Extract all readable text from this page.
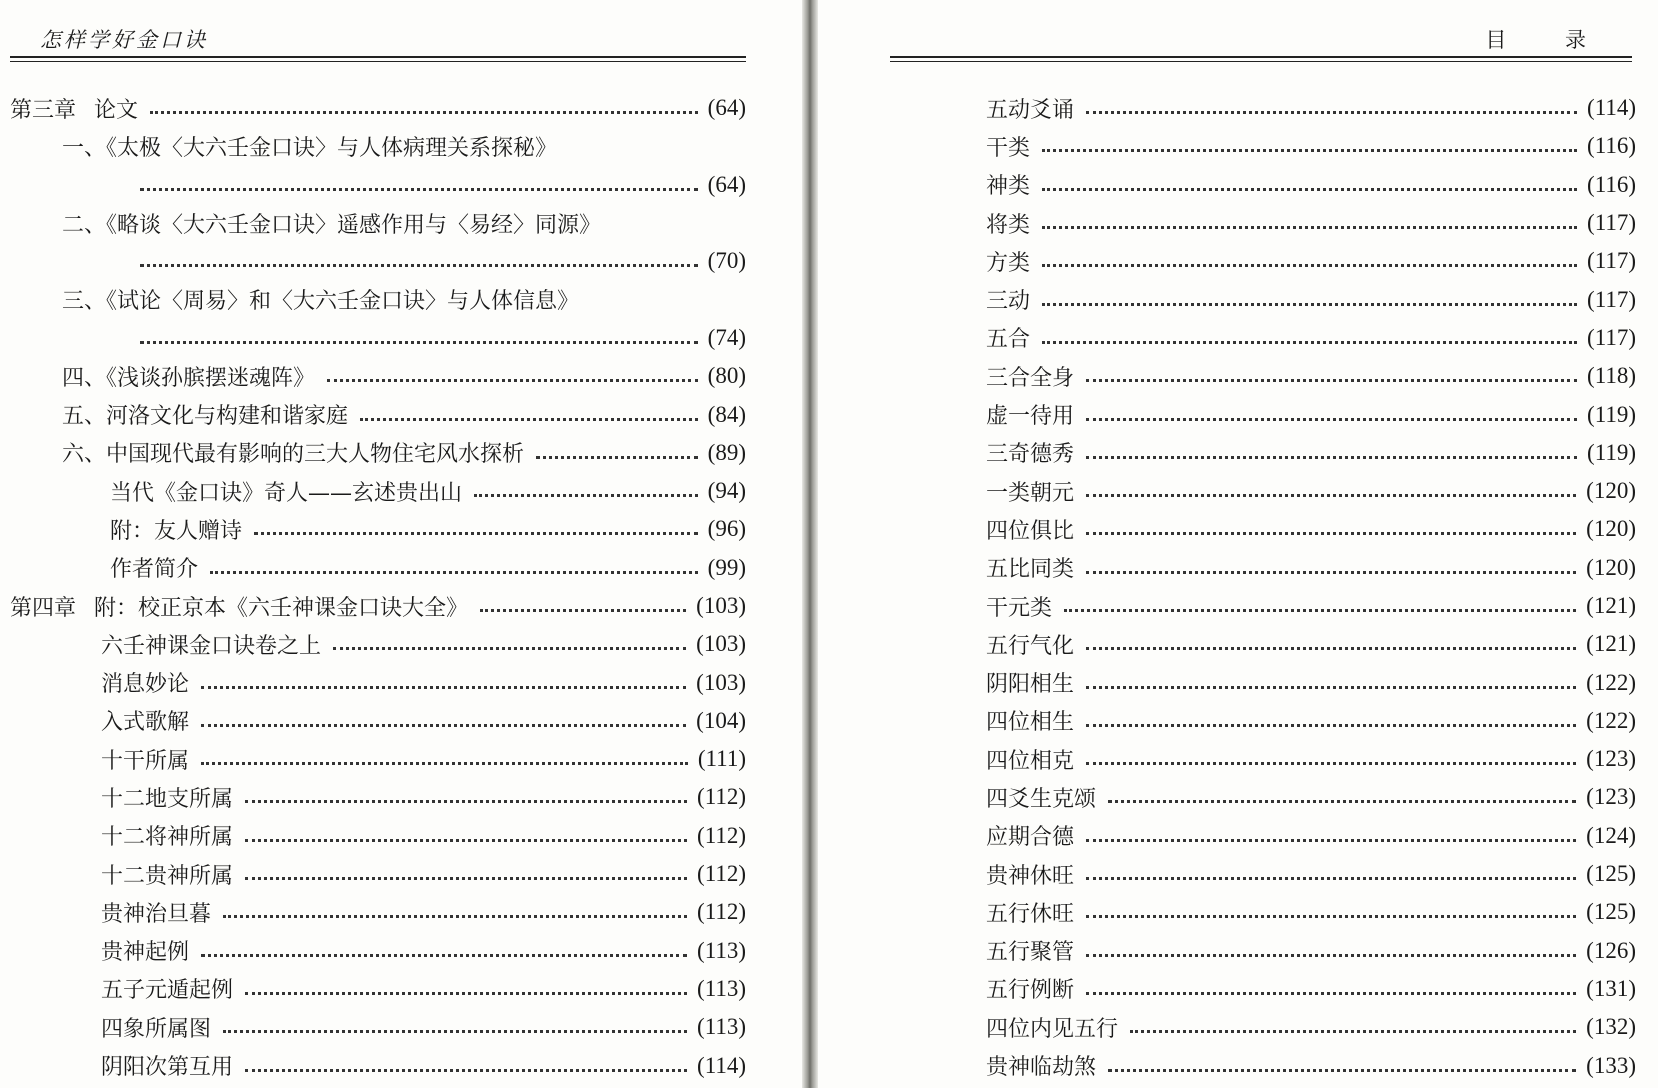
怎样学好金口诀
第三章 论文	(64)
一、《太极〈大六壬金口诀〉与人体病理关系探秘》
(64)
二、《略谈〈大六壬金口诀〉遥感作用与〈易经〉同源》
(70)
三、《试论〈周易〉和〈大六壬金口诀〉与人体信息》
(74)
四、《浅谈孙膑摆迷魂阵》	(80)
五、河洛文化与构建和谐家庭	(84)
六、中国现代最有影响的三大人物住宅风水探析	(89)
当代《金口诀》奇人——玄述贵出山	(94)
附：友人赠诗	(96)
作者简介	(99)
第四章 附：校正京本《六壬神课金口诀大全》	(103)
六壬神课金口诀卷之上	(103)
消息妙论	(103)
入式歌解	(104)
十干所属	(111)
十二地支所属	(112)
十二将神所属	(112)
十二贵神所属	(112)
贵神治旦暮	(112)
贵神起例	(113)
五子元遁起例	(113)
四象所属图	(113)
阴阳次第互用	(114)
目 录
五动爻诵	(114)
干类	(116)
神类	(116)
将类	(117)
方类	(117)
三动	(117)
五合	(117)
三合全身	(118)
虚一待用	(119)
三奇德秀	(119)
一类朝元	(120)
四位俱比	(120)
五比同类	(120)
干元类	(121)
五行气化	(121)
阴阳相生	(122)
四位相生	(122)
四位相克	(123)
四爻生克颂	(123)
应期合德	(124)
贵神休旺	(125)
五行休旺	(125)
五行聚管	(126)
五行例断	(131)
四位内见五行	(132)
贵神临劫煞	(133)
